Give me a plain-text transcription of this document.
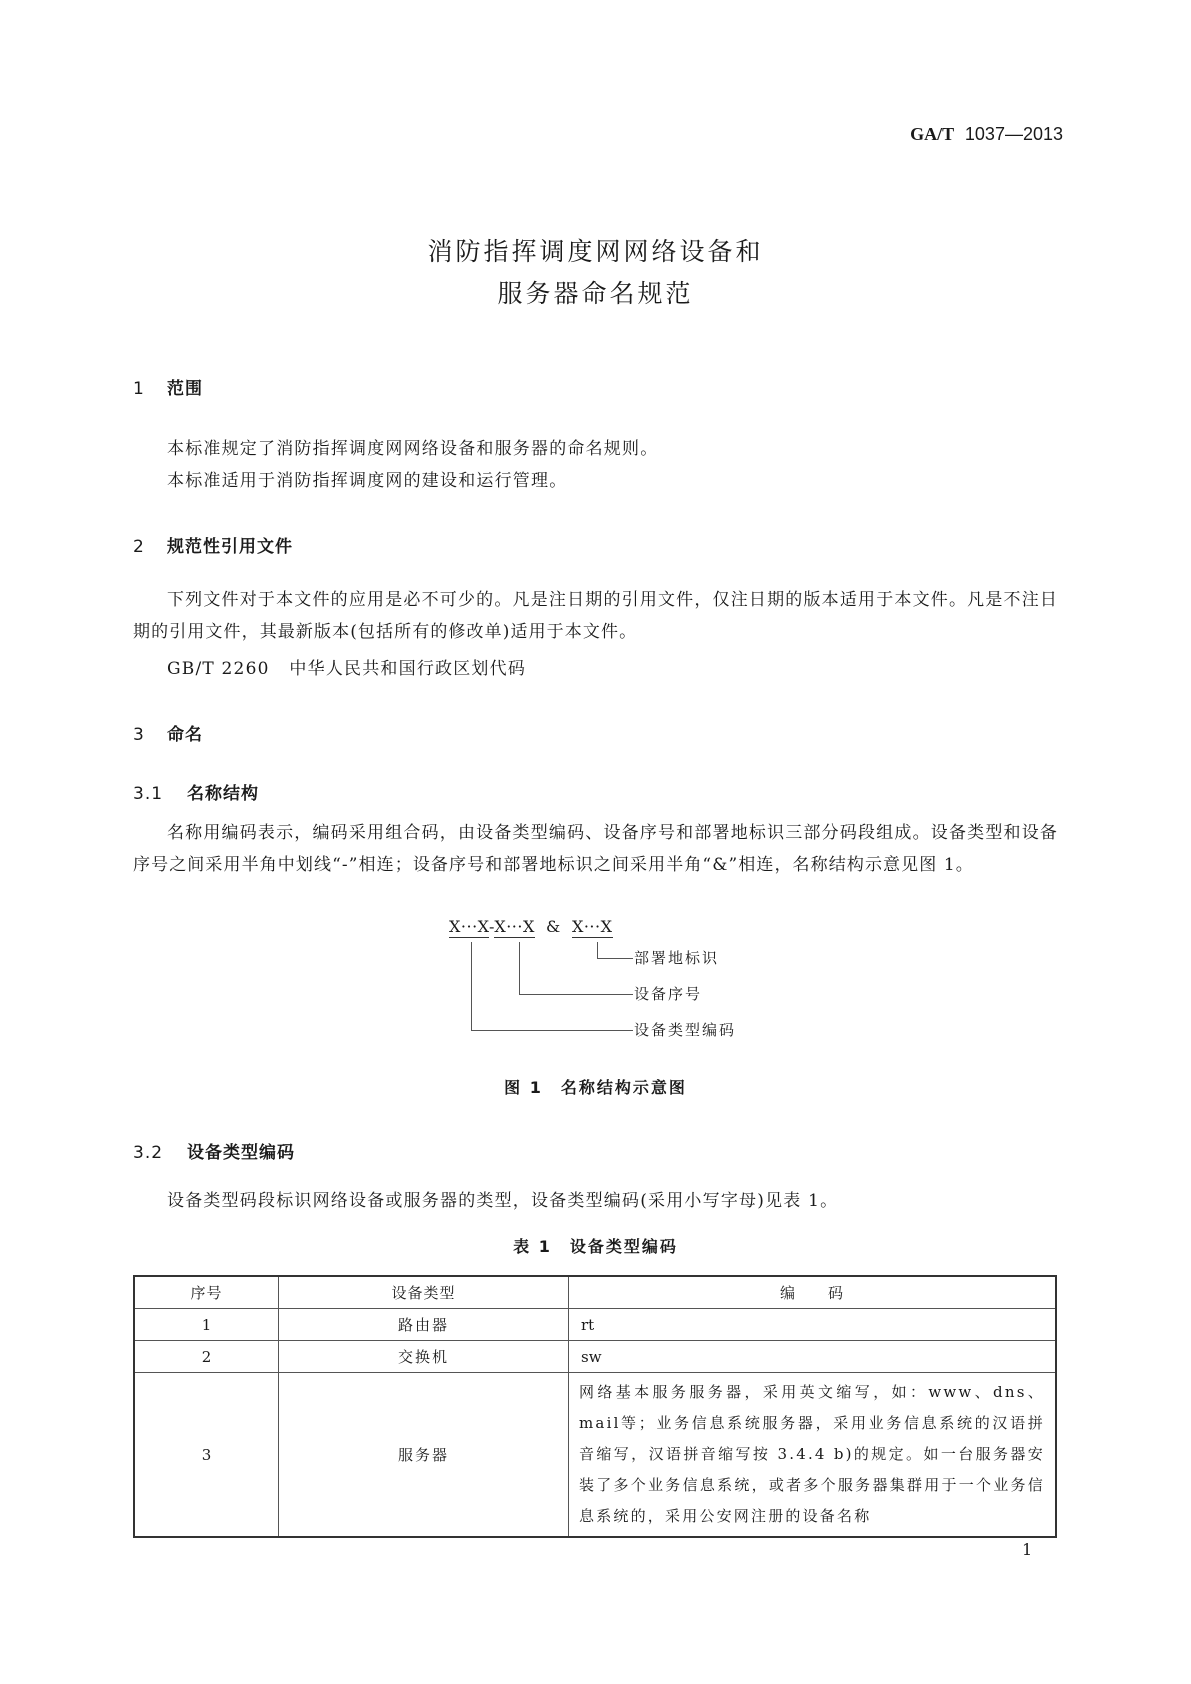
GA/T 1037—2013
消防指挥调度网网络设备和
服务器命名规范
1 范围
本标准规定了消防指挥调度网网络设备和服务器的命名规则。
本标准适用于消防指挥调度网的建设和运行管理。
2 规范性引用文件
下列文件对于本文件的应用是必不可少的。凡是注日期的引用文件，仅注日期的版本适用于本文件。凡是不注日期的引用文件，其最新版本(包括所有的修改单)适用于本文件。
GB/T 2260 中华人民共和国行政区划代码
3 命名
3.1 名称结构
名称用编码表示，编码采用组合码，由设备类型编码、设备序号和部署地标识三部分码段组成。设备类型和设备序号之间采用半角中划线“-”相连；设备序号和部署地标识之间采用半角“&”相连，名称结构示意见图 1。
X···X-X···X & X···X
部署地标识
设备序号
设备类型编码
图 1　名称结构示意图
3.2 设备类型编码
设备类型码段标识网络设备或服务器的类型，设备类型编码(采用小写字母)见表 1。
表 1　设备类型编码
序号	设备类型	编　　码
1	路由器	rt
2	交换机	sw
3	服务器	网络基本服务服务器，采用英文缩写，如：www、dns、mail等；业务信息系统服务器，采用业务信息系统的汉语拼音缩写，汉语拼音缩写按 3.4.4 b)的规定。如一台服务器安装了多个业务信息系统，或者多个服务器集群用于一个业务信息系统的，采用公安网注册的设备名称
1
